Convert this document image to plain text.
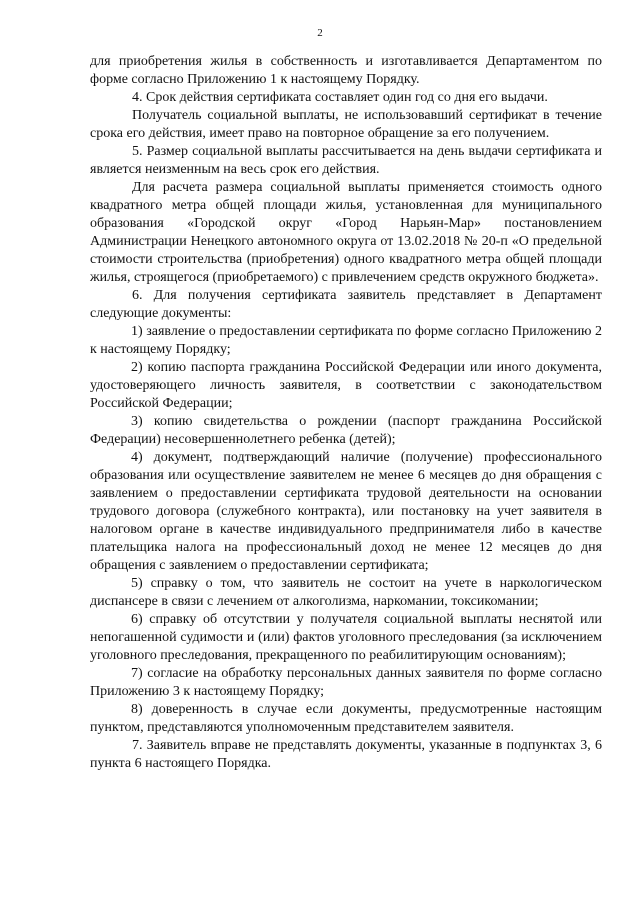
2

для приобретения жилья в собственность и изготавливается Департаментом по форме согласно Приложению 1 к настоящему Порядку.

4. Срок действия сертификата составляет один год со дня его выдачи.

Получатель социальной выплаты, не использовавший сертификат в течение срока его действия, имеет право на повторное обращение за его получением.

5. Размер социальной выплаты рассчитывается на день выдачи сертификата и является неизменным на весь срок его действия.

Для расчета размера социальной выплаты применяется стоимость одного квадратного метра общей площади жилья, установленная для муниципального образования «Городской округ «Город Нарьян-Мар» постановлением Администрации Ненецкого автономного округа от 13.02.2018 № 20-п «О предельной стоимости строительства (приобретения) одного квадратного метра общей площади жилья, строящегося (приобретаемого) с привлечением средств окружного бюджета».

6. Для получения сертификата заявитель представляет в Департамент следующие документы:

1) заявление о предоставлении сертификата по форме согласно Приложению 2 к настоящему Порядку;

2) копию паспорта гражданина Российской Федерации или иного документа, удостоверяющего личность заявителя, в соответствии с законодательством Российской Федерации;

3) копию свидетельства о рождении (паспорт гражданина Российской Федерации) несовершеннолетнего ребенка (детей);

4) документ, подтверждающий наличие (получение) профессионального образования или осуществление заявителем не менее 6 месяцев до дня обращения с заявлением о предоставлении сертификата трудовой деятельности на основании трудового договора (служебного контракта), или постановку на учет заявителя в налоговом органе в качестве индивидуального предпринимателя либо в качестве плательщика налога на профессиональный доход не менее 12 месяцев до дня обращения с заявлением о предоставлении сертификата;

5) справку о том, что заявитель не состоит на учете в наркологическом диспансере в связи с лечением от алкоголизма, наркомании, токсикомании;

6) справку об отсутствии у получателя социальной выплаты неснятой или непогашенной судимости и (или) фактов уголовного преследования (за исключением уголовного преследования, прекращенного по реабилитирующим основаниям);

7) согласие на обработку персональных данных заявителя по форме согласно Приложению 3 к настоящему Порядку;

8) доверенность в случае если документы, предусмотренные настоящим пунктом, представляются уполномоченным представителем заявителя.

7. Заявитель вправе не представлять документы, указанные в подпунктах 3, 6 пункта 6 настоящего Порядка.
